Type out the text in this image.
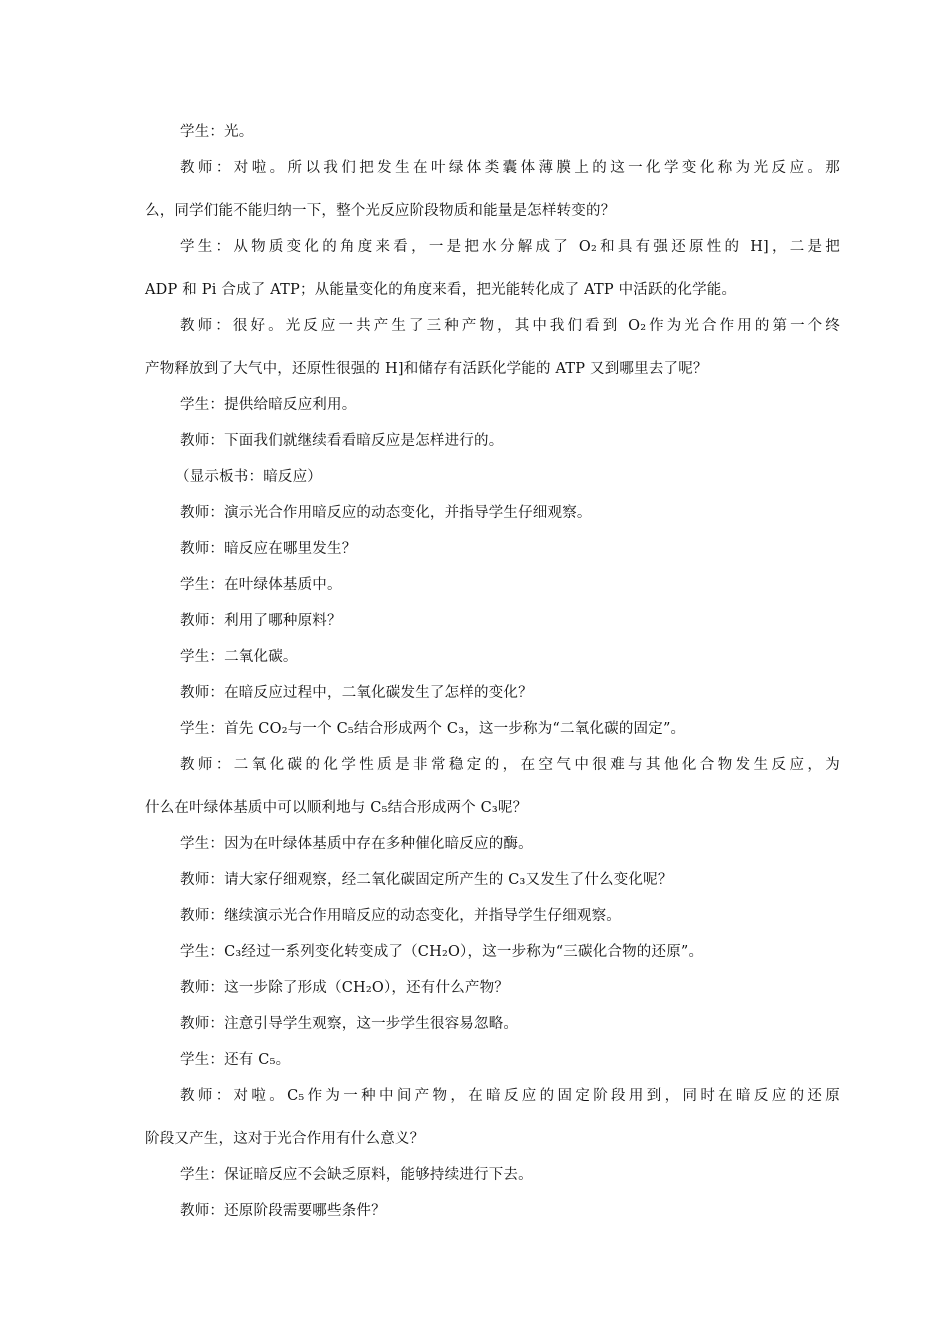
学生：光。
教师：对啦。所以我们把发生在叶绿体类囊体薄膜上的这一化学变化称为光反应。那
么，同学们能不能归纳一下，整个光反应阶段物质和能量是怎样转变的？
学生：从物质变化的角度来看，一是把水分解成了 O₂和具有强还原性的 H]，二是把
ADP 和 Pi 合成了 ATP；从能量变化的角度来看，把光能转化成了 ATP 中活跃的化学能。
教师：很好。光反应一共产生了三种产物，其中我们看到 O₂作为光合作用的第一个终
产物释放到了大气中，还原性很强的 H]和储存有活跃化学能的 ATP 又到哪里去了呢？
学生：提供给暗反应利用。
教师：下面我们就继续看看暗反应是怎样进行的。
（显示板书：暗反应）
教师：演示光合作用暗反应的动态变化，并指导学生仔细观察。
教师：暗反应在哪里发生？
学生：在叶绿体基质中。
教师：利用了哪种原料？
学生：二氧化碳。
教师：在暗反应过程中，二氧化碳发生了怎样的变化？
学生：首先 CO₂与一个 C₅结合形成两个 C₃，这一步称为“二氧化碳的固定”。
教师：二氧化碳的化学性质是非常稳定的，在空气中很难与其他化合物发生反应，为
什么在叶绿体基质中可以顺利地与 C₅结合形成两个 C₃呢？
学生：因为在叶绿体基质中存在多种催化暗反应的酶。
教师：请大家仔细观察，经二氧化碳固定所产生的 C₃又发生了什么变化呢？
教师：继续演示光合作用暗反应的动态变化，并指导学生仔细观察。
学生：C₃经过一系列变化转变成了（CH₂O），这一步称为“三碳化合物的还原”。
教师：这一步除了形成（CH₂O），还有什么产物？
教师：注意引导学生观察，这一步学生很容易忽略。
学生：还有 C₅。
教师：对啦。C₅作为一种中间产物，在暗反应的固定阶段用到，同时在暗反应的还原
阶段又产生，这对于光合作用有什么意义？
学生：保证暗反应不会缺乏原料，能够持续进行下去。
教师：还原阶段需要哪些条件？
